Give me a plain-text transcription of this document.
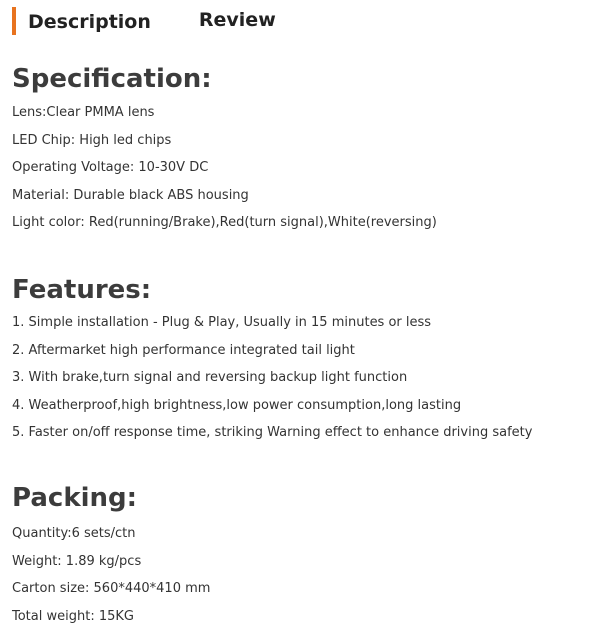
Description	Review
Specification:
Lens:Clear PMMA lens
LED Chip: High led chips
Operating Voltage: 10-30V DC
Material: Durable black ABS housing
Light color: Red(running/Brake),Red(turn signal),White(reversing)
Features:
1. Simple installation - Plug & Play, Usually in 15 minutes or less
2. Aftermarket high performance integrated tail light
3. With brake,turn signal and reversing backup light function
4. Weatherproof,high brightness,low power consumption,long lasting
5. Faster on/off response time, striking Warning effect to enhance driving safety
Packing:
Quantity:6 sets/ctn
Weight: 1.89 kg/pcs
Carton size: 560*440*410 mm
Total weight: 15KG
